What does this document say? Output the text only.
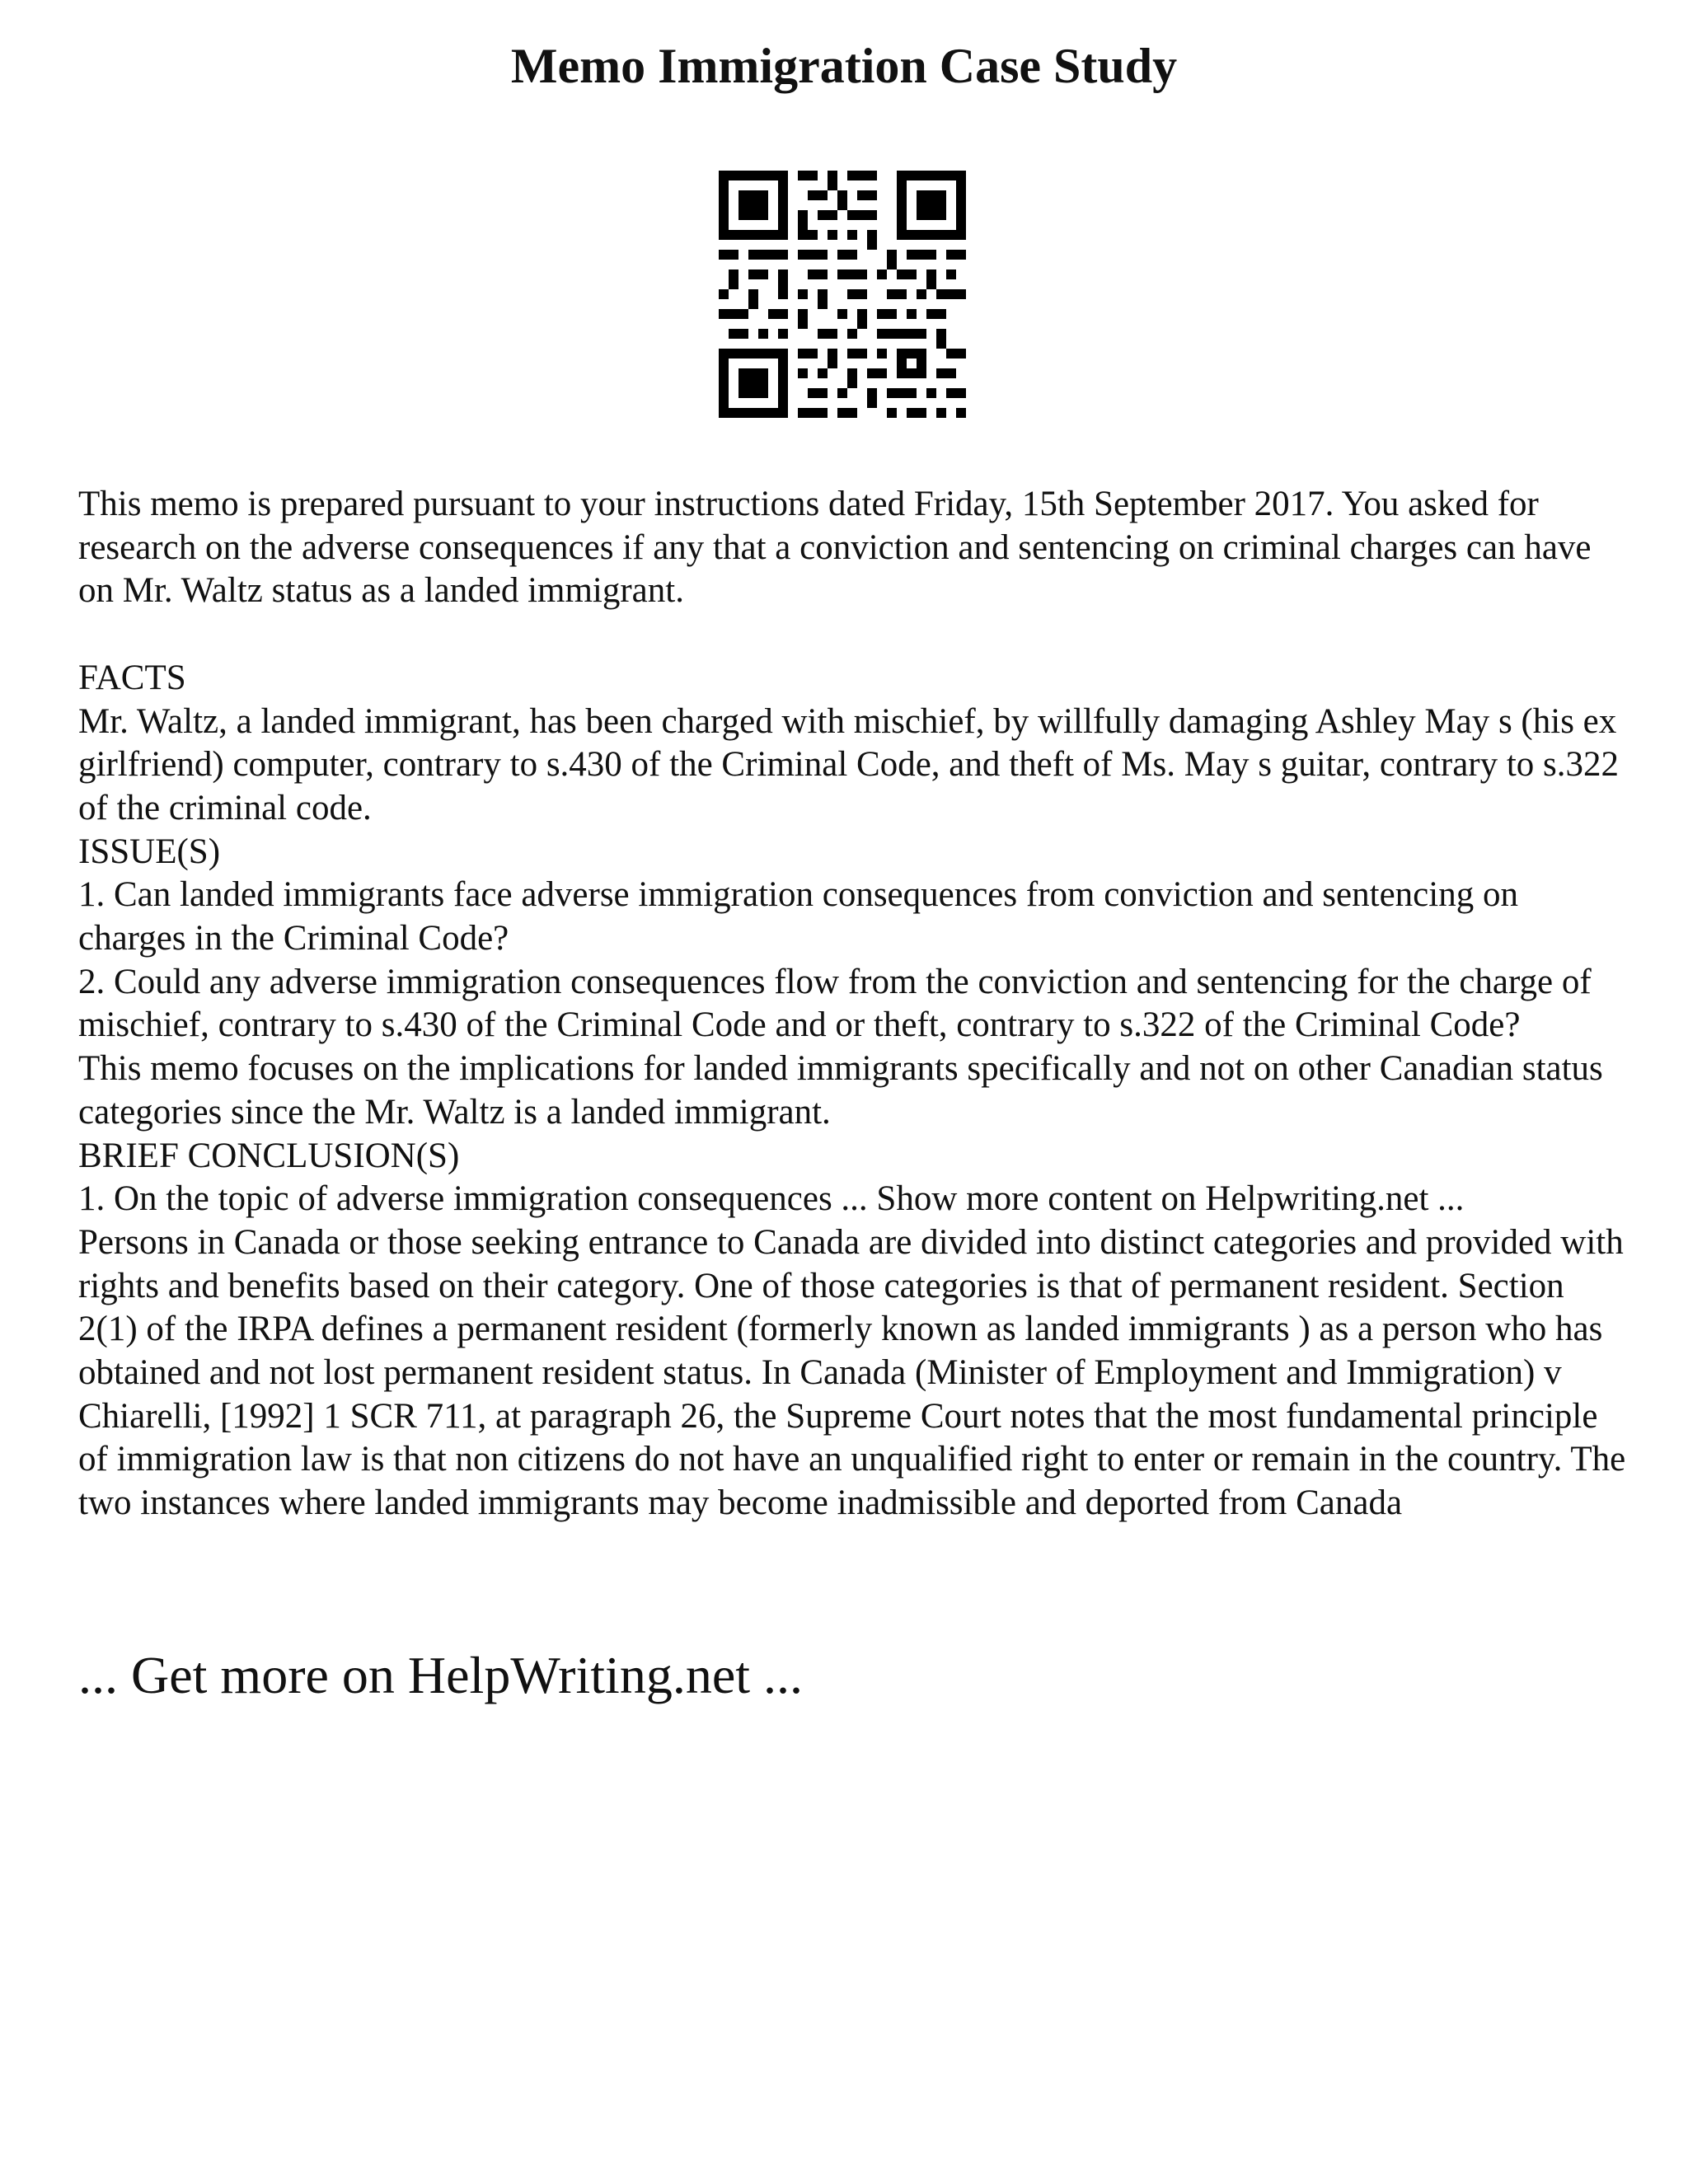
Memo Immigration Case Study

This memo is prepared pursuant to your instructions dated Friday, 15th September 2017. You asked for research on the adverse consequences if any that a conviction and sentencing on criminal charges can have on Mr. Waltz status as a landed immigrant.

FACTS

Mr. Waltz, a landed immigrant, has been charged with mischief, by willfully damaging Ashley May s (his ex girlfriend) computer, contrary to s.430 of the Criminal Code, and theft of Ms. May s guitar, contrary to s.322 of the criminal code.

ISSUE(S)

1. Can landed immigrants face adverse immigration consequences from conviction and sentencing on charges in the Criminal Code?

2. Could any adverse immigration consequences flow from the conviction and sentencing for the charge of mischief, contrary to s.430 of the Criminal Code and or theft, contrary to s.322 of the Criminal Code?

This memo focuses on the implications for landed immigrants specifically and not on other Canadian status categories since the Mr. Waltz is a landed immigrant.

BRIEF CONCLUSION(S)

1. On the topic of adverse immigration consequences ... Show more content on Helpwriting.net ...

Persons in Canada or those seeking entrance to Canada are divided into distinct categories and provided with rights and benefits based on their category. One of those categories is that of permanent resident. Section 2(1) of the IRPA defines a permanent resident (formerly known as landed immigrants ) as a person who has obtained and not lost permanent resident status. In Canada (Minister of Employment and Immigration) v Chiarelli, [1992] 1 SCR 711, at paragraph 26, the Supreme Court notes that the most fundamental principle of immigration law is that non citizens do not have an unqualified right to enter or remain in the country. The two instances where landed immigrants may become inadmissible and deported from Canada

... Get more on HelpWriting.net ...
